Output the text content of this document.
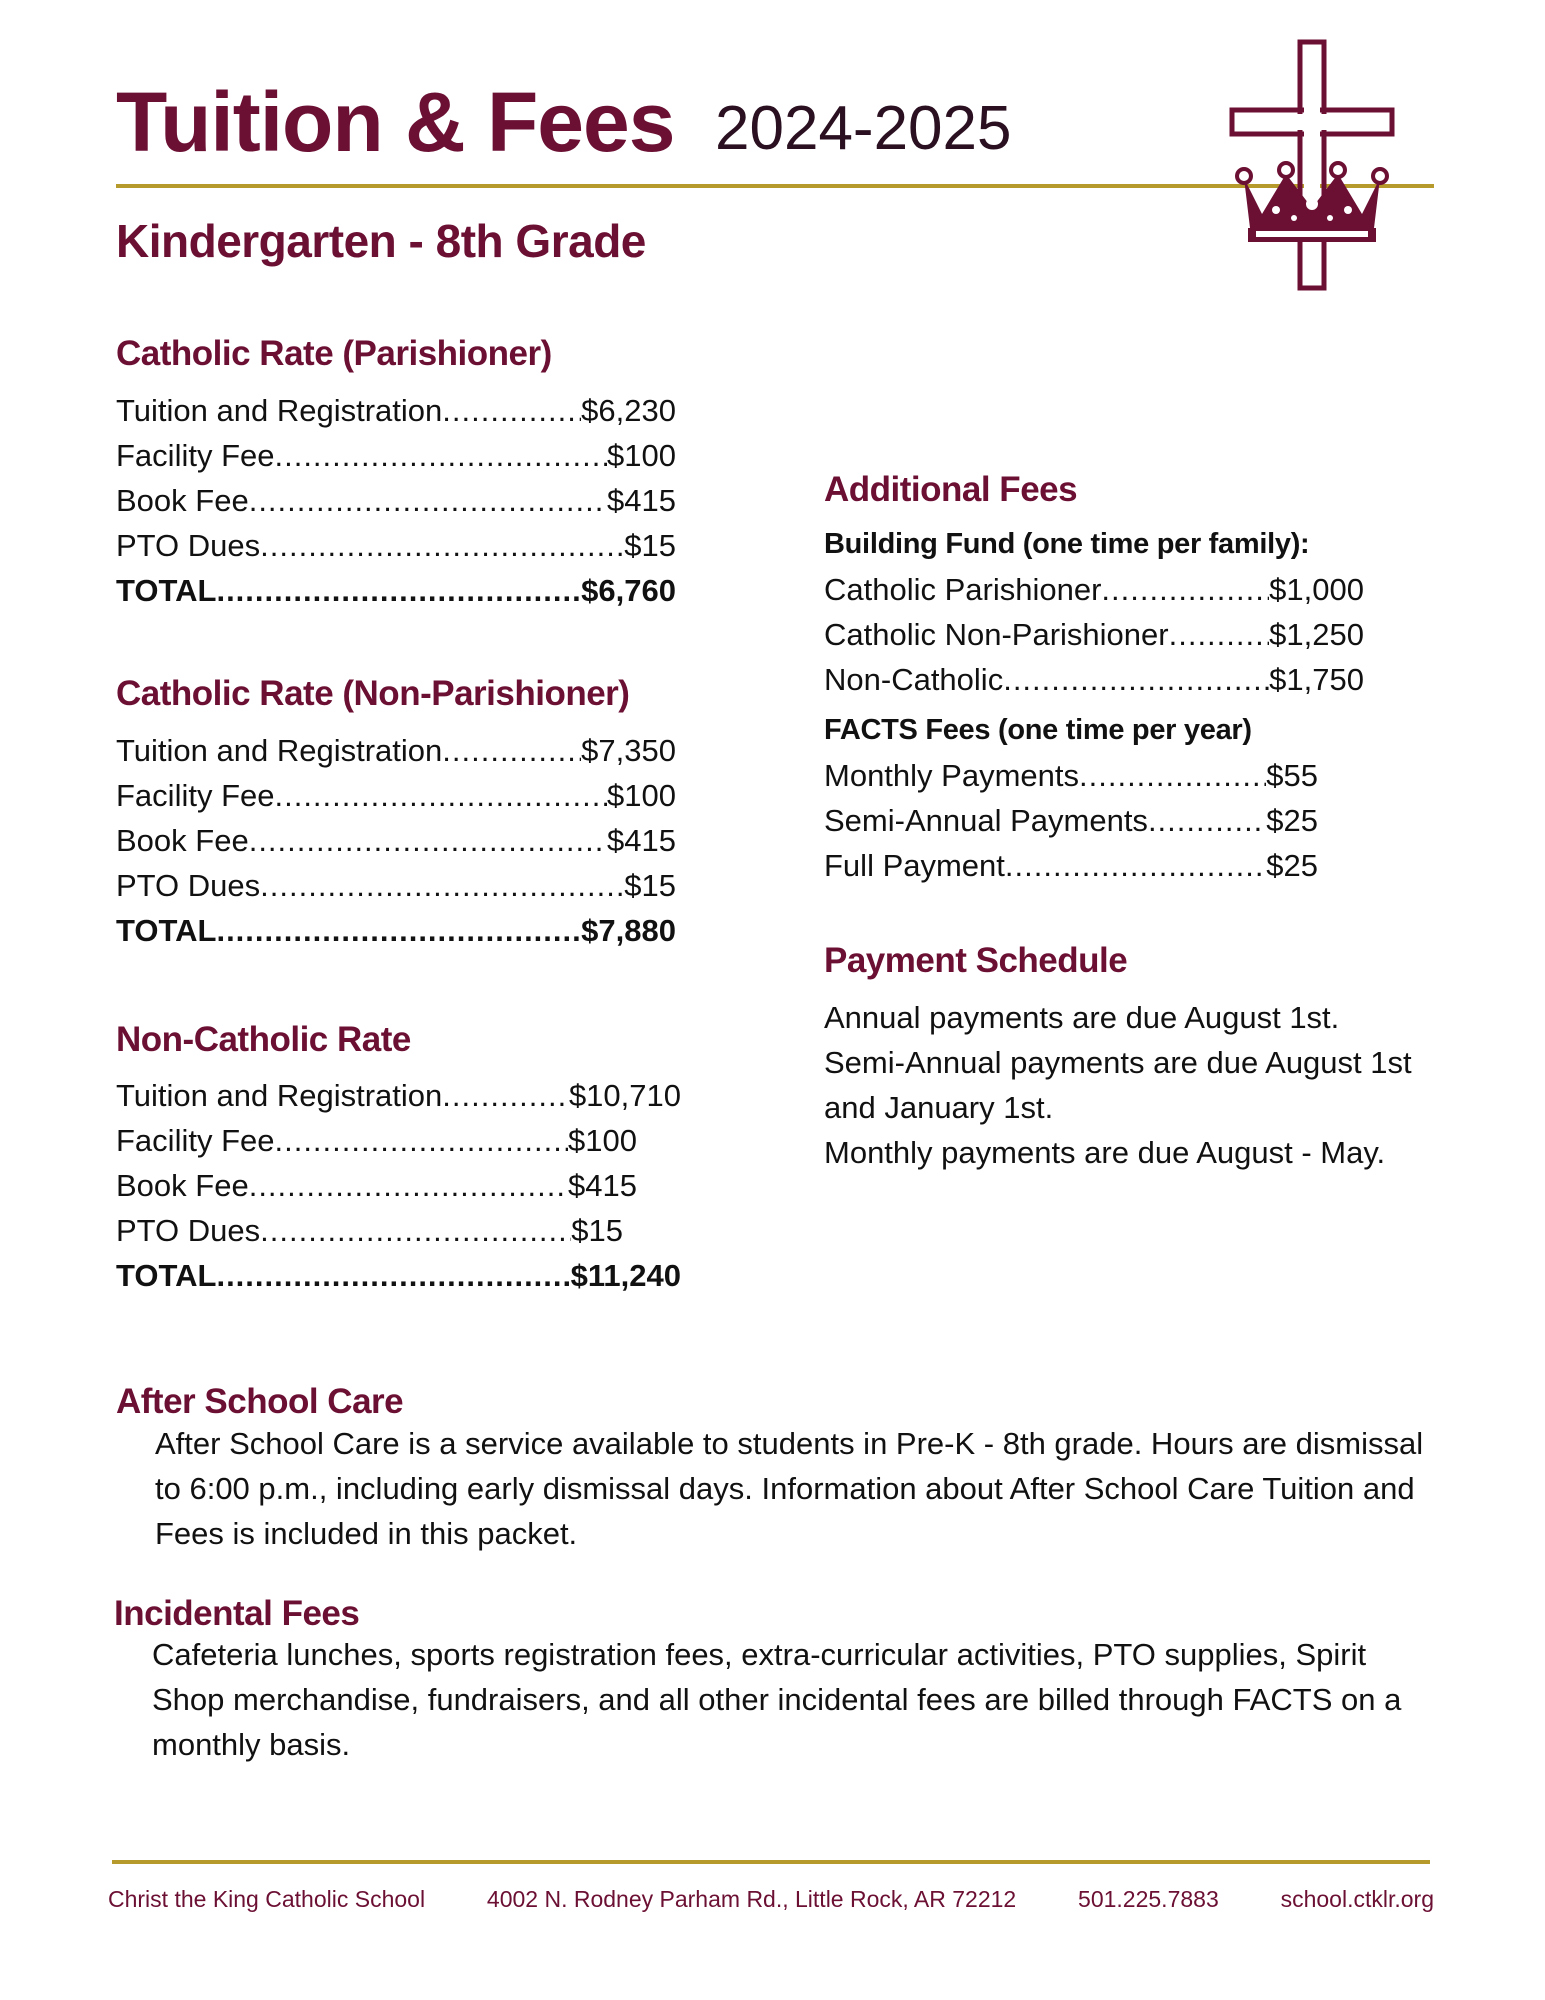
Tuition & Fees 2024-2025
Kindergarten - 8th Grade
Catholic Rate (Parishioner)
Tuition and Registration .....	$6,230
Facility Fee .....	$100
Book Fee .....	$415
PTO Dues .....	$15
TOTAL .....	$6,760
Catholic Rate (Non-Parishioner)
Tuition and Registration .....	$7,350
Facility Fee .....	$100
Book Fee .....	$415
PTO Dues .....	$15
TOTAL .....	$7,880
Non-Catholic Rate
Tuition and Registration .....	$10,710
Facility Fee .....	$100
Book Fee .....	$415
PTO Dues .....	$15
TOTAL .....	$11,240
Additional Fees
Building Fund (one time per family):
Catholic Parishioner .....	$1,000
Catholic Non-Parishioner .....	$1,250
Non-Catholic .....	$1,750
FACTS Fees (one time per year)
Monthly Payments .....	$55
Semi-Annual Payments .....	$25
Full Payment .....	$25
Payment Schedule

Annual payments are due August 1st.

Semi-Annual payments are due August 1st and January 1st.

Monthly payments are due August - May.

After School Care
After School Care is a service available to students in Pre-K - 8th grade. Hours are dismissal to 6:00 p.m., including early dismissal days. Information about After School Care Tuition and Fees is included in this packet.
Incidental Fees
Cafeteria lunches, sports registration fees, extra-curricular activities, PTO supplies, Spirit Shop merchandise, fundraisers, and all other incidental fees are billed through FACTS on a monthly basis.
Christ the King Catholic School	4002 N. Rodney Parham Rd., Little Rock, AR 72212	501.225.7883	school.ctklr.org
